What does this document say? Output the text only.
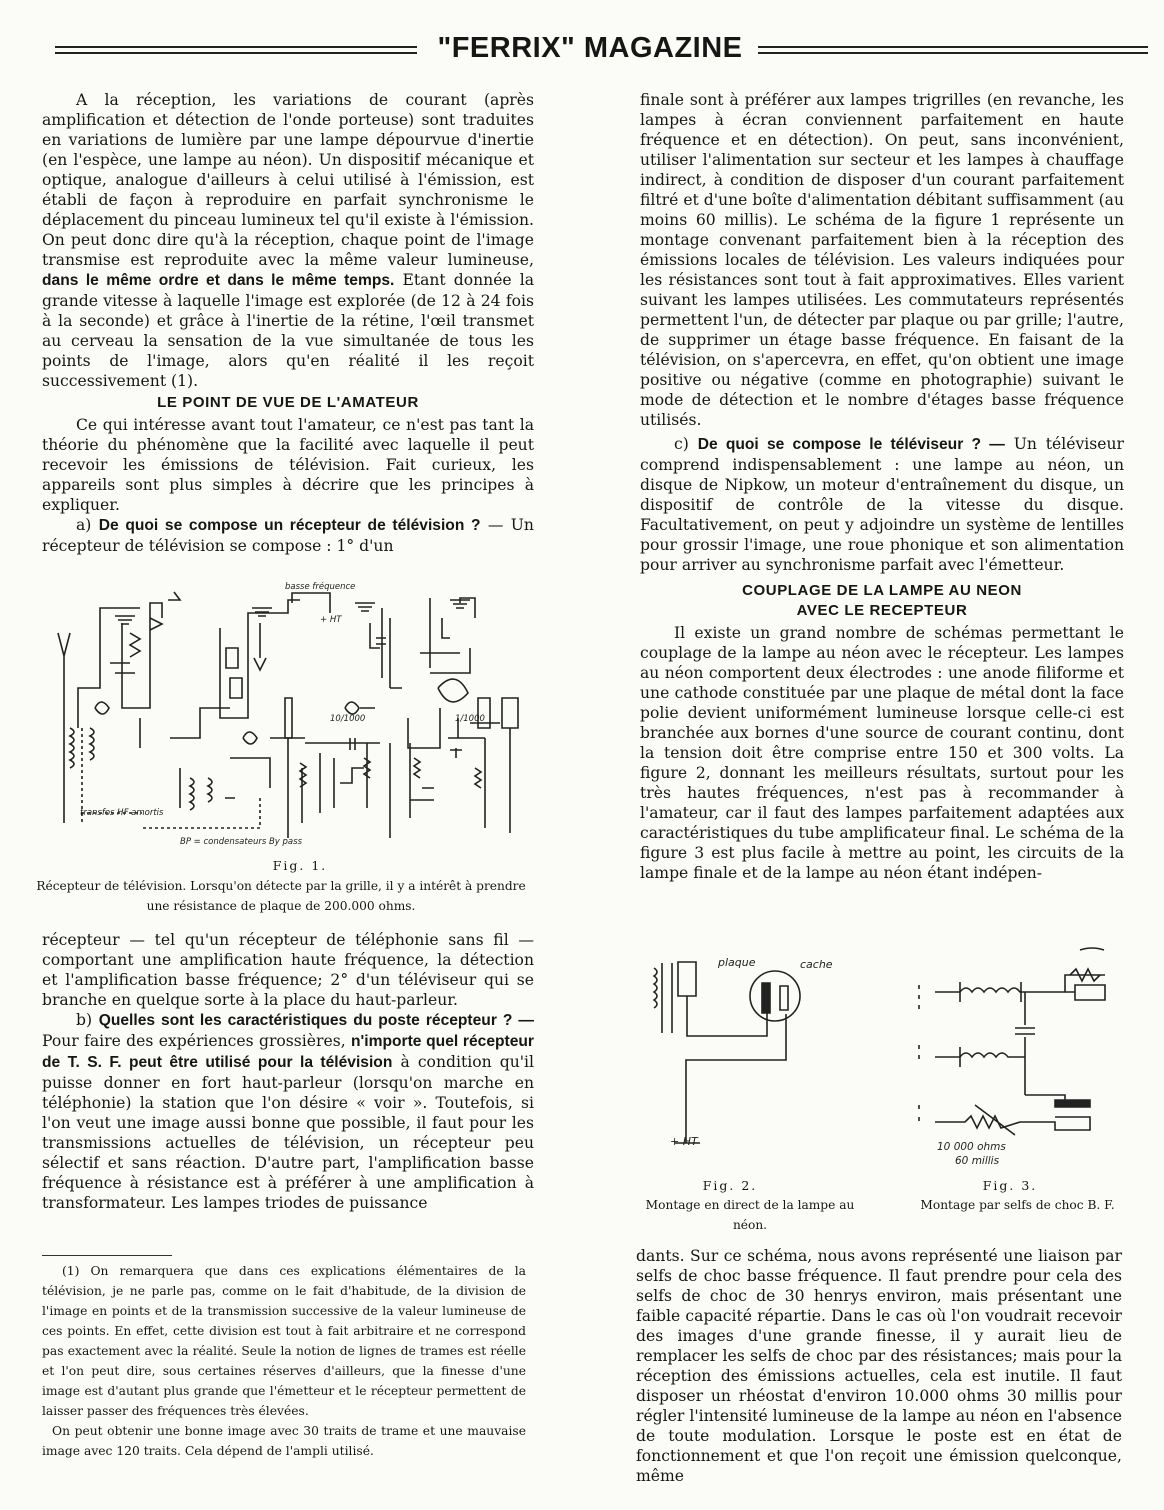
"FERRIX" MAGAZINE

A la réception, les variations de courant (après amplification et détection de l'onde porteuse) sont traduites en variations de lumière par une lampe dépourvue d'inertie (en l'espèce, une lampe au néon). Un dispositif mécanique et optique, analogue d'ailleurs à celui utilisé à l'émission, est établi de façon à reproduire en parfait synchronisme le déplacement du pinceau lumineux tel qu'il existe à l'émission. On peut donc dire qu'à la réception, chaque point de l'image transmise est reproduite avec la même valeur lumineuse, dans le même ordre et dans le même temps. Etant donnée la grande vitesse à laquelle l'image est explorée (de 12 à 24 fois à la seconde) et grâce à l'inertie de la rétine, l'œil transmet au cerveau la sensation de la vue simultanée de tous les points de l'image, alors qu'en réalité il les reçoit successivement (1).

LE POINT DE VUE DE L'AMATEUR

Ce qui intéresse avant tout l'amateur, ce n'est pas tant la théorie du phénomène que la facilité avec laquelle il peut recevoir les émissions de télévision. Fait curieux, les appareils sont plus simples à décrire que les principes à expliquer.

a) De quoi se compose un récepteur de télévision ? — Un récepteur de télévision se compose : 1° d'un

basse fréquence
+ HT
10/1000	1/1000
transfos HF amortis
BP = condensateurs By pass
Fig. 1.
Récepteur de télévision. Lorsqu'on détecte par la grille, il y a intérêt à prendre une résistance de plaque de 200.000 ohms.

récepteur — tel qu'un récepteur de téléphonie sans fil — comportant une amplification haute fréquence, la détection et l'amplification basse fréquence; 2° d'un téléviseur qui se branche en quelque sorte à la place du haut-parleur.

b) Quelles sont les caractéristiques du poste récepteur ? — Pour faire des expériences grossières, n'importe quel récepteur de T. S. F. peut être utilisé pour la télévision à condition qu'il puisse donner en fort haut-parleur (lorsqu'on marche en téléphonie) la station que l'on désire « voir ». Toutefois, si l'on veut une image aussi bonne que possible, il faut pour les transmissions actuelles de télévision, un récepteur peu sélectif et sans réaction. D'autre part, l'amplification basse fréquence à résistance est à préférer à une amplification à transformateur. Les lampes triodes de puissance

(1) On remarquera que dans ces explications élémentaires de la télévision, je ne parle pas, comme on le fait d'habitude, de la division de l'image en points et de la transmission successive de la valeur lumineuse de ces points. En effet, cette division est tout à fait arbitraire et ne correspond pas exactement avec la réalité. Seule la notion de lignes de trames est réelle et l'on peut dire, sous certaines réserves d'ailleurs, que la finesse d'une image est d'autant plus grande que l'émetteur et le récepteur permettent de laisser passer des fréquences très élevées.

On peut obtenir une bonne image avec 30 traits de trame et une mauvaise image avec 120 traits. Cela dépend de l'ampli utilisé.

finale sont à préférer aux lampes trigrilles (en revanche, les lampes à écran conviennent parfaitement en haute fréquence et en détection). On peut, sans inconvénient, utiliser l'alimentation sur secteur et les lampes à chauffage indirect, à condition de disposer d'un courant parfaitement filtré et d'une boîte d'alimentation débitant suffisamment (au moins 60 millis). Le schéma de la figure 1 représente un montage convenant parfaitement bien à la réception des émissions locales de télévision. Les valeurs indiquées pour les résistances sont tout à fait approximatives. Elles varient suivant les lampes utilisées. Les commutateurs représentés permettent l'un, de détecter par plaque ou par grille; l'autre, de supprimer un étage basse fréquence. En faisant de la télévision, on s'apercevra, en effet, qu'on obtient une image positive ou négative (comme en photographie) suivant le mode de détection et le nombre d'étages basse fréquence utilisés.

c) De quoi se compose le téléviseur ? — Un téléviseur comprend indispensablement : une lampe au néon, un disque de Nipkow, un moteur d'entraînement du disque, un dispositif de contrôle de la vitesse du disque. Facultativement, on peut y adjoindre un système de lentilles pour grossir l'image, une roue phonique et son alimentation pour arriver au synchronisme parfait avec l'émetteur.

COUPLAGE DE LA LAMPE AU NEON
AVEC LE RECEPTEUR

Il existe un grand nombre de schémas permettant le couplage de la lampe au néon avec le récepteur. Les lampes au néon comportent deux électrodes : une anode filiforme et une cathode constituée par une plaque de métal dont la face polie devient uniformément lumineuse lorsque celle-ci est branchée aux bornes d'une source de courant continu, dont la tension doit être comprise entre 150 et 300 volts. La figure 2, donnant les meilleurs résultats, surtout pour les très hautes fréquences, n'est pas à recommander à l'amateur, car il faut des lampes parfaitement adaptées aux caractéristiques du tube amplificateur final. Le schéma de la figure 3 est plus facile à mettre au point, les circuits de la lampe finale et de la lampe au néon étant indépen-

plaque	cache
+ HT
Fig. 2.
Montage en direct de la lampe au néon.
10 000 ohms
60 millis
Fig. 3.
Montage par selfs de choc B. F.

dants. Sur ce schéma, nous avons représenté une liaison par selfs de choc basse fréquence. Il faut prendre pour cela des selfs de choc de 30 henrys environ, mais présentant une faible capacité répartie. Dans le cas où l'on voudrait recevoir des images d'une grande finesse, il y aurait lieu de remplacer les selfs de choc par des résistances; mais pour la réception des émissions actuelles, cela est inutile. Il faut disposer un rhéostat d'environ 10.000 ohms 30 millis pour régler l'intensité lumineuse de la lampe au néon en l'absence de toute modulation. Lorsque le poste est en état de fonctionnement et que l'on reçoit une émission quelconque, même
